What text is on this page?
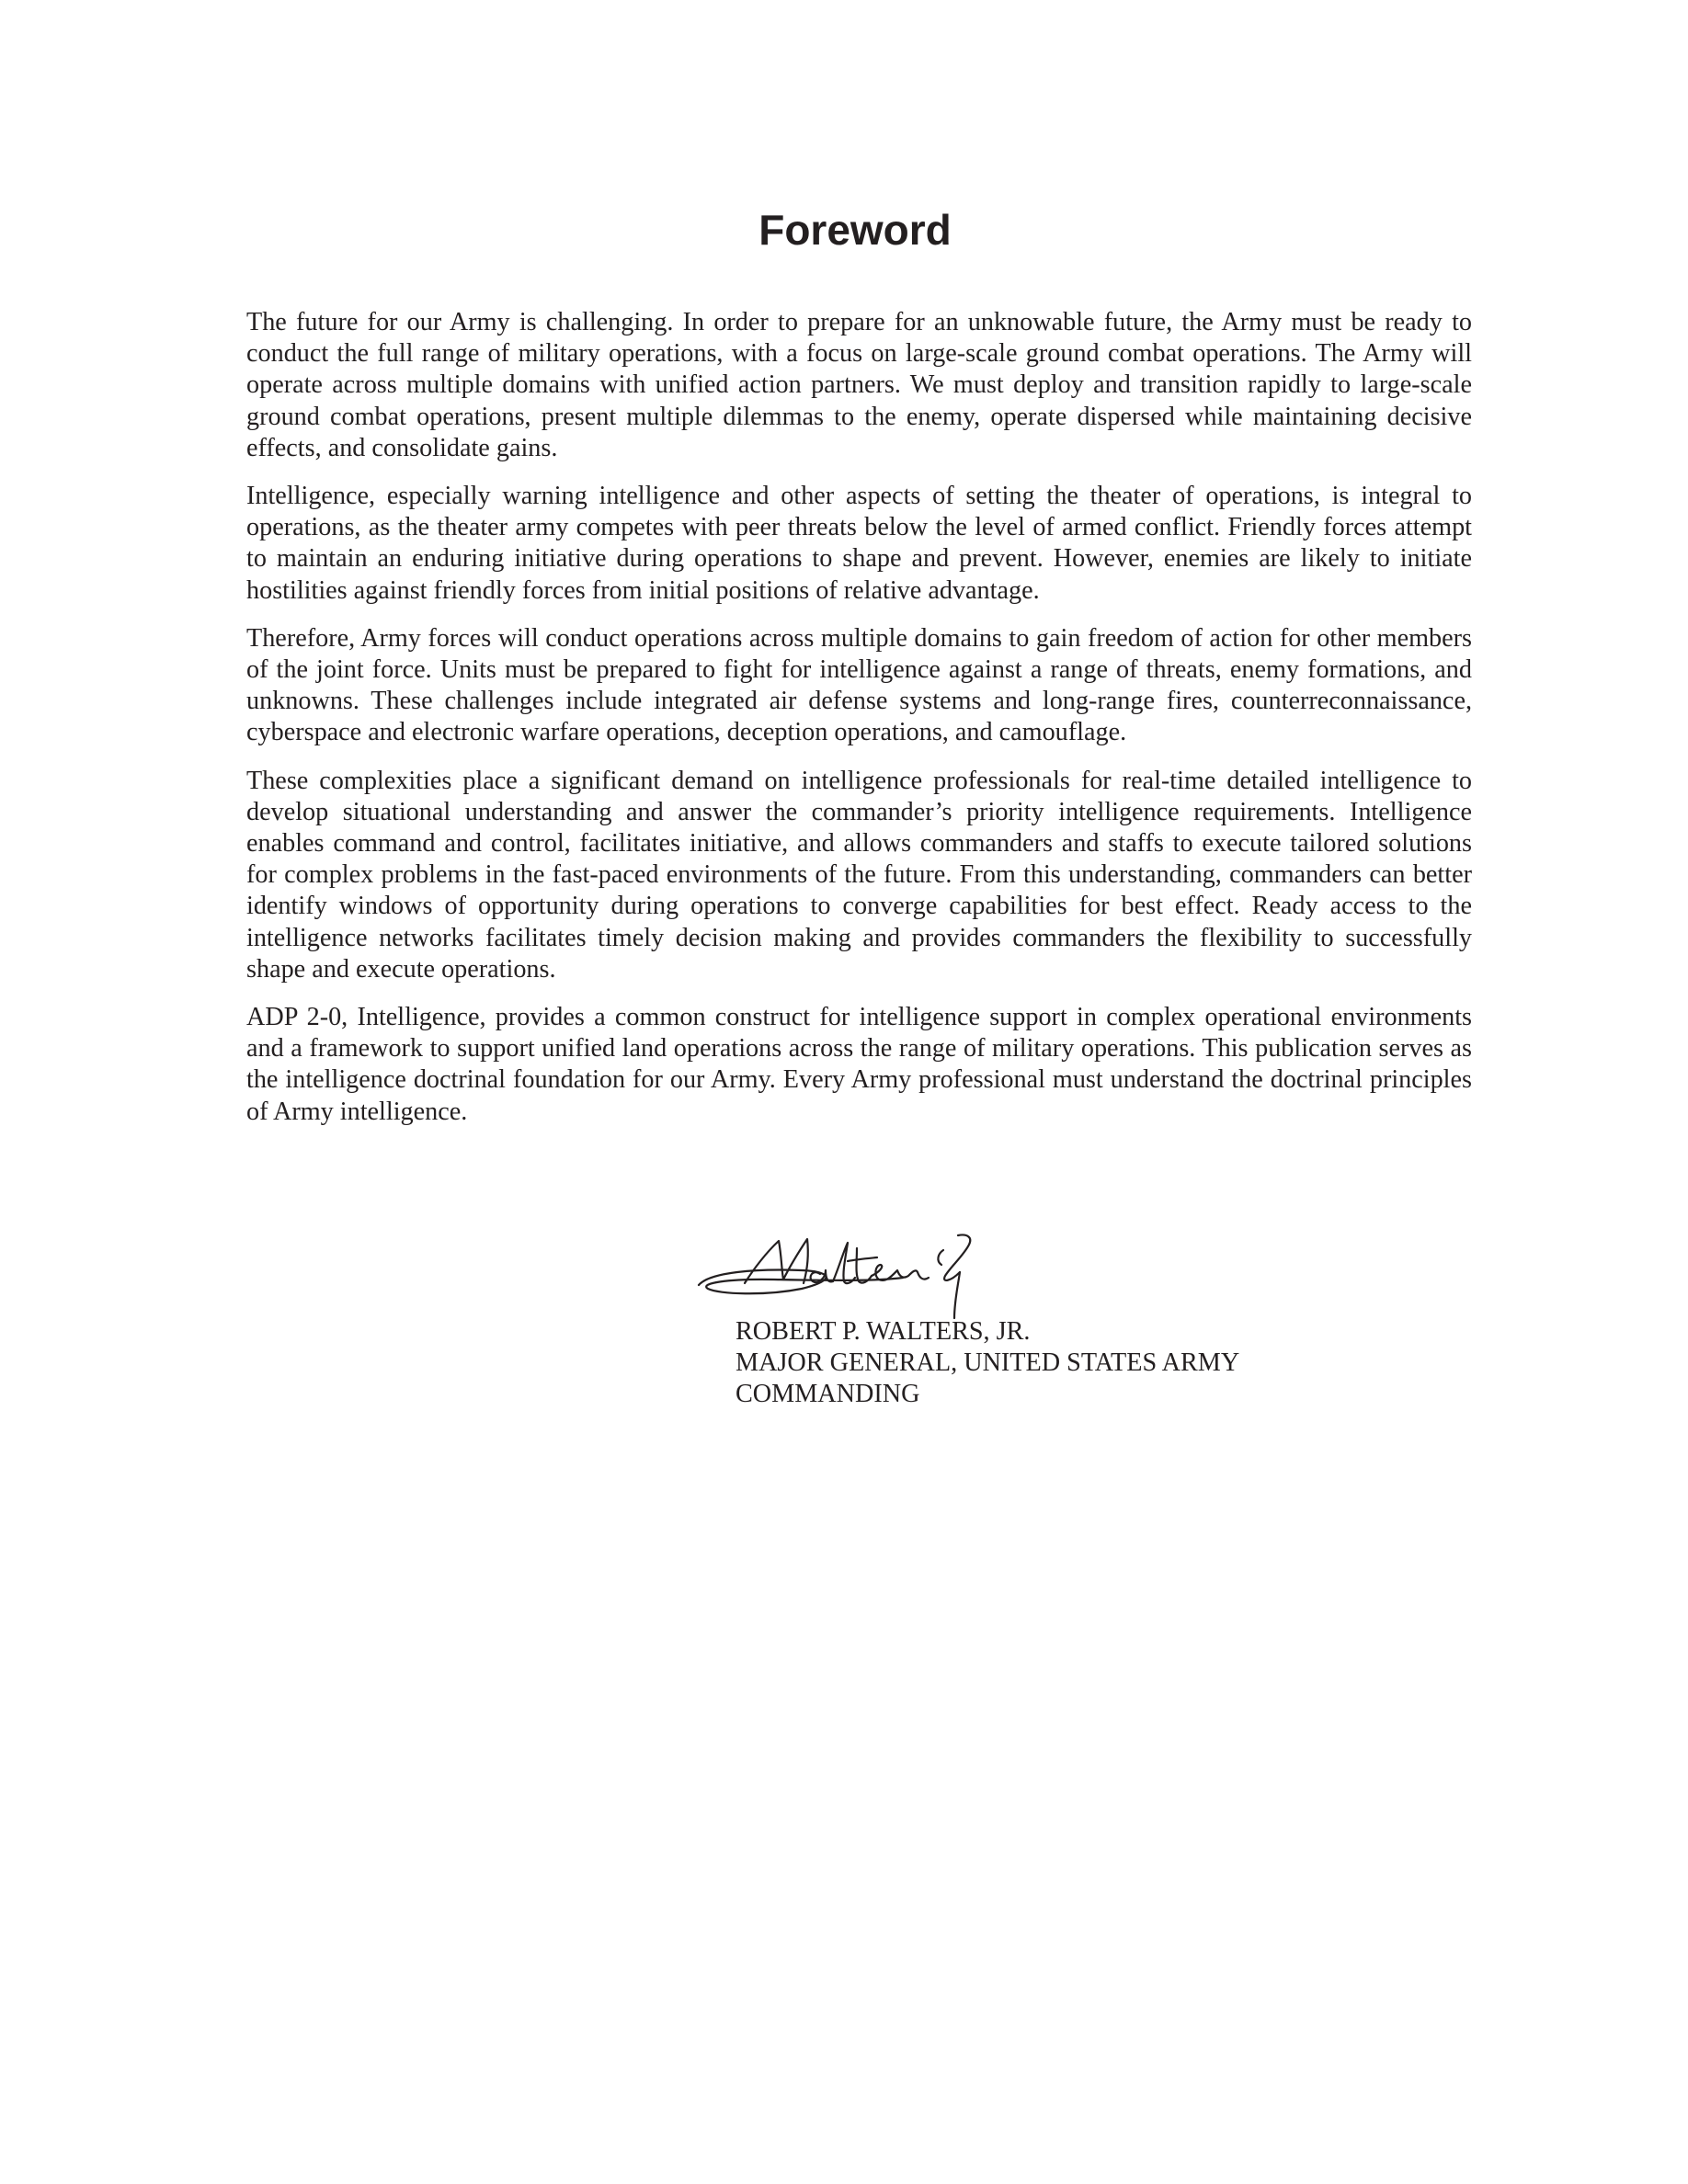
Foreword

The future for our Army is challenging. In order to prepare for an unknowable future, the Army must be ready to conduct the full range of military operations, with a focus on large-scale ground combat operations. The Army will operate across multiple domains with unified action partners. We must deploy and transition rapidly to large-scale ground combat operations, present multiple dilemmas to the enemy, operate dispersed while maintaining decisive effects, and consolidate gains.

Intelligence, especially warning intelligence and other aspects of setting the theater of operations, is integral to operations, as the theater army competes with peer threats below the level of armed conflict. Friendly forces attempt to maintain an enduring initiative during operations to shape and prevent. However, enemies are likely to initiate hostilities against friendly forces from initial positions of relative advantage.

Therefore, Army forces will conduct operations across multiple domains to gain freedom of action for other members of the joint force. Units must be prepared to fight for intelligence against a range of threats, enemy formations, and unknowns. These challenges include integrated air defense systems and long-range fires, counterreconnaissance, cyberspace and electronic warfare operations, deception operations, and camouflage.

These complexities place a significant demand on intelligence professionals for real-time detailed intelligence to develop situational understanding and answer the commander’s priority intelligence requirements. Intelligence enables command and control, facilitates initiative, and allows commanders and staffs to execute tailored solutions for complex problems in the fast-paced environments of the future. From this understanding, commanders can better identify windows of opportunity during operations to converge capabilities for best effect. Ready access to the intelligence networks facilitates timely decision making and provides commanders the flexibility to successfully shape and execute operations.

ADP 2-0, Intelligence, provides a common construct for intelligence support in complex operational environments and a framework to support unified land operations across the range of military operations. This publication serves as the intelligence doctrinal foundation for our Army. Every Army professional must understand the doctrinal principles of Army intelligence.

ROBERT P. WALTERS, JR.
MAJOR GENERAL, UNITED STATES ARMY
COMMANDING
